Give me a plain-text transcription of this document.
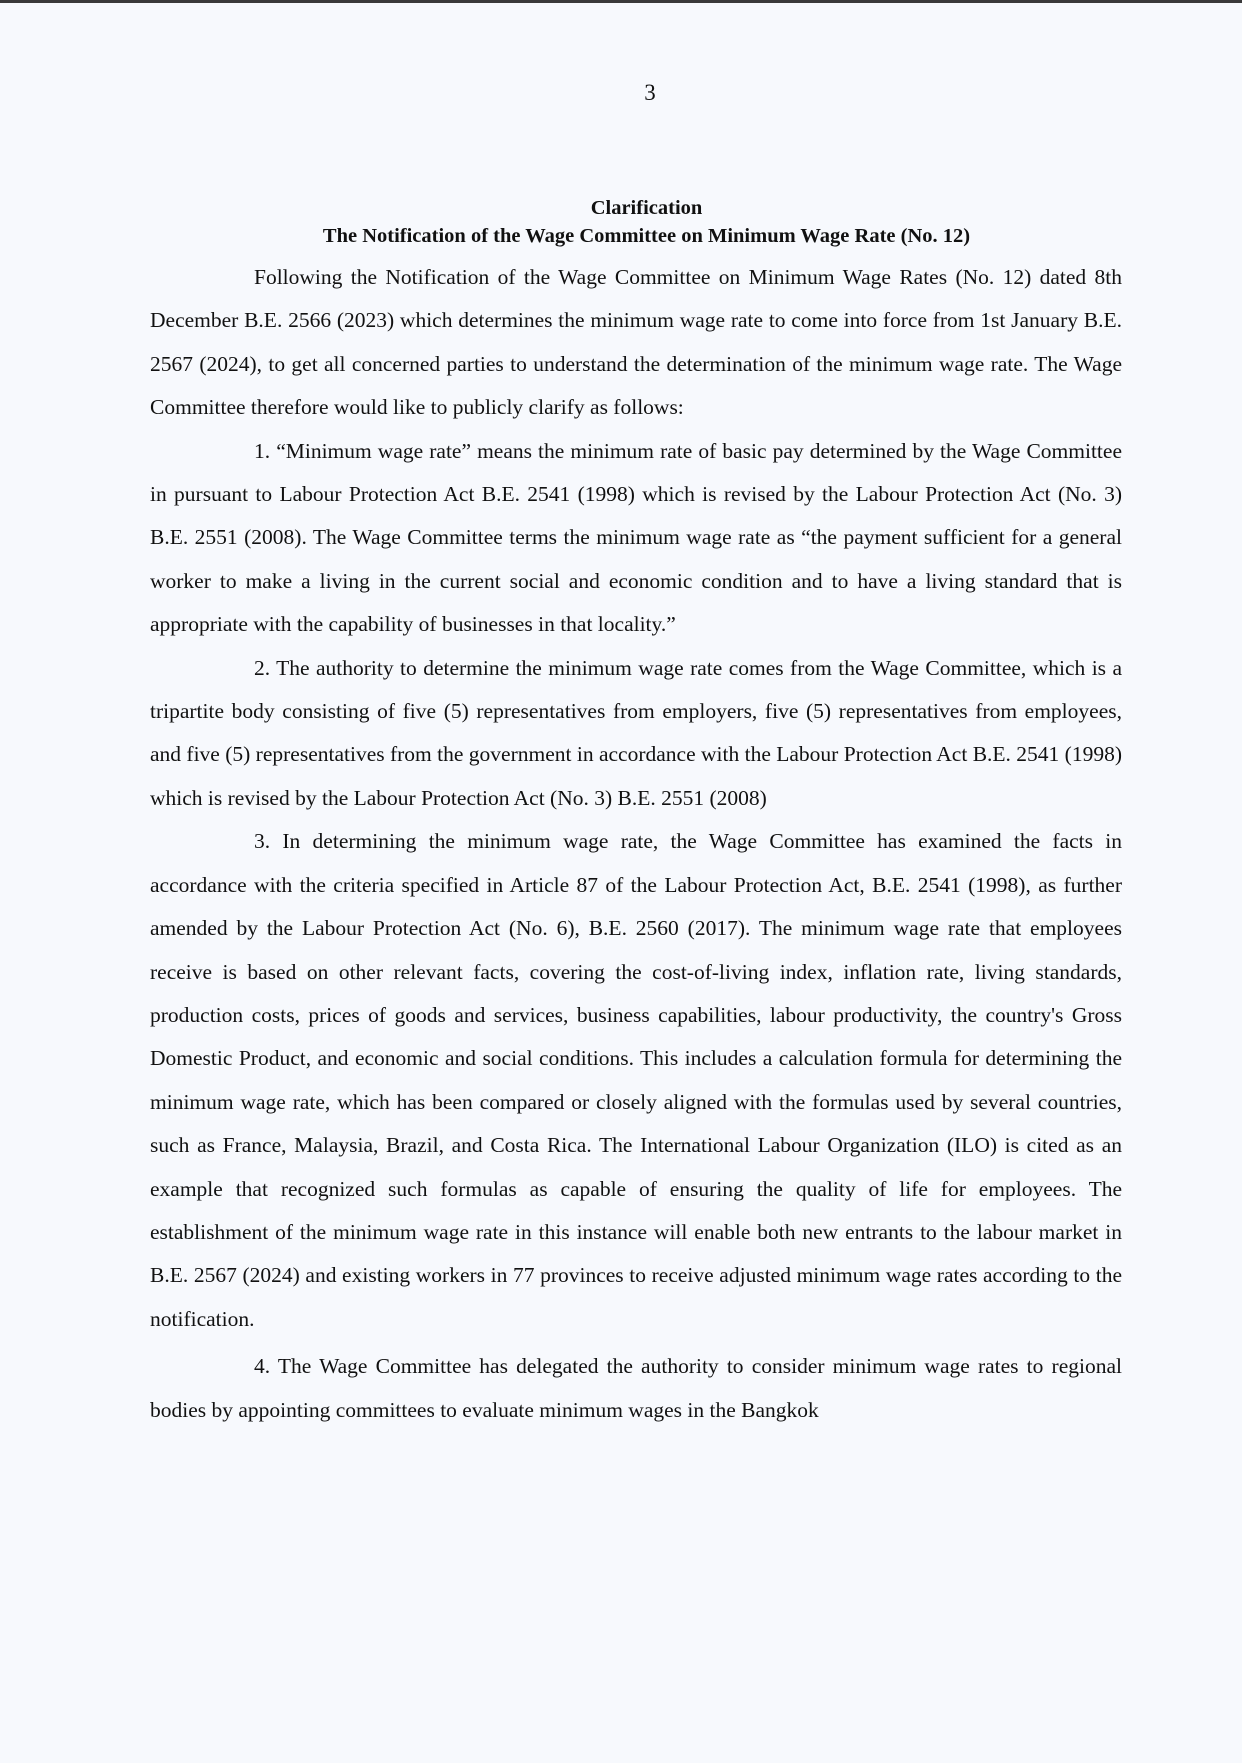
3
Clarification
The Notification of the Wage Committee on Minimum Wage Rate (No. 12)

Following the Notification of the Wage Committee on Minimum Wage Rates (No. 12) dated 8th December B.E. 2566 (2023) which determines the minimum wage rate to come into force from 1st January B.E. 2567 (2024), to get all concerned parties to understand the determination of the minimum wage rate. The Wage Committee therefore would like to publicly clarify as follows:

1. “Minimum wage rate” means the minimum rate of basic pay determined by the Wage Committee in pursuant to Labour Protection Act B.E. 2541 (1998) which is revised by the Labour Protection Act (No. 3) B.E. 2551 (2008). The Wage Committee terms the minimum wage rate as “the payment sufficient for a general worker to make a living in the current social and economic condition and to have a living standard that is appropriate with the capability of businesses in that locality.”

2. The authority to determine the minimum wage rate comes from the Wage Committee, which is a tripartite body consisting of five (5) representatives from employers, five (5) representatives from employees, and five (5) representatives from the government in accordance with the Labour Protection Act B.E. 2541 (1998) which is revised by the Labour Protection Act (No. 3) B.E. 2551 (2008)

3. In determining the minimum wage rate, the Wage Committee has examined the facts in accordance with the criteria specified in Article 87 of the Labour Protection Act, B.E. 2541 (1998), as further amended by the Labour Protection Act (No. 6), B.E. 2560 (2017). The minimum wage rate that employees receive is based on other relevant facts, covering the cost-of-living index, inflation rate, living standards, production costs, prices of goods and services, business capabilities, labour productivity, the country's Gross Domestic Product, and economic and social conditions. This includes a calculation formula for determining the minimum wage rate, which has been compared or closely aligned with the formulas used by several countries, such as France, Malaysia, Brazil, and Costa Rica. The International Labour Organization (ILO) is cited as an example that recognized such formulas as capable of ensuring the quality of life for employees. The establishment of the minimum wage rate in this instance will enable both new entrants to the labour market in B.E. 2567 (2024) and existing workers in 77 provinces to receive adjusted minimum wage rates according to the notification.

4. The Wage Committee has delegated the authority to consider minimum wage rates to regional bodies by appointing committees to evaluate minimum wages in the Bangkok
